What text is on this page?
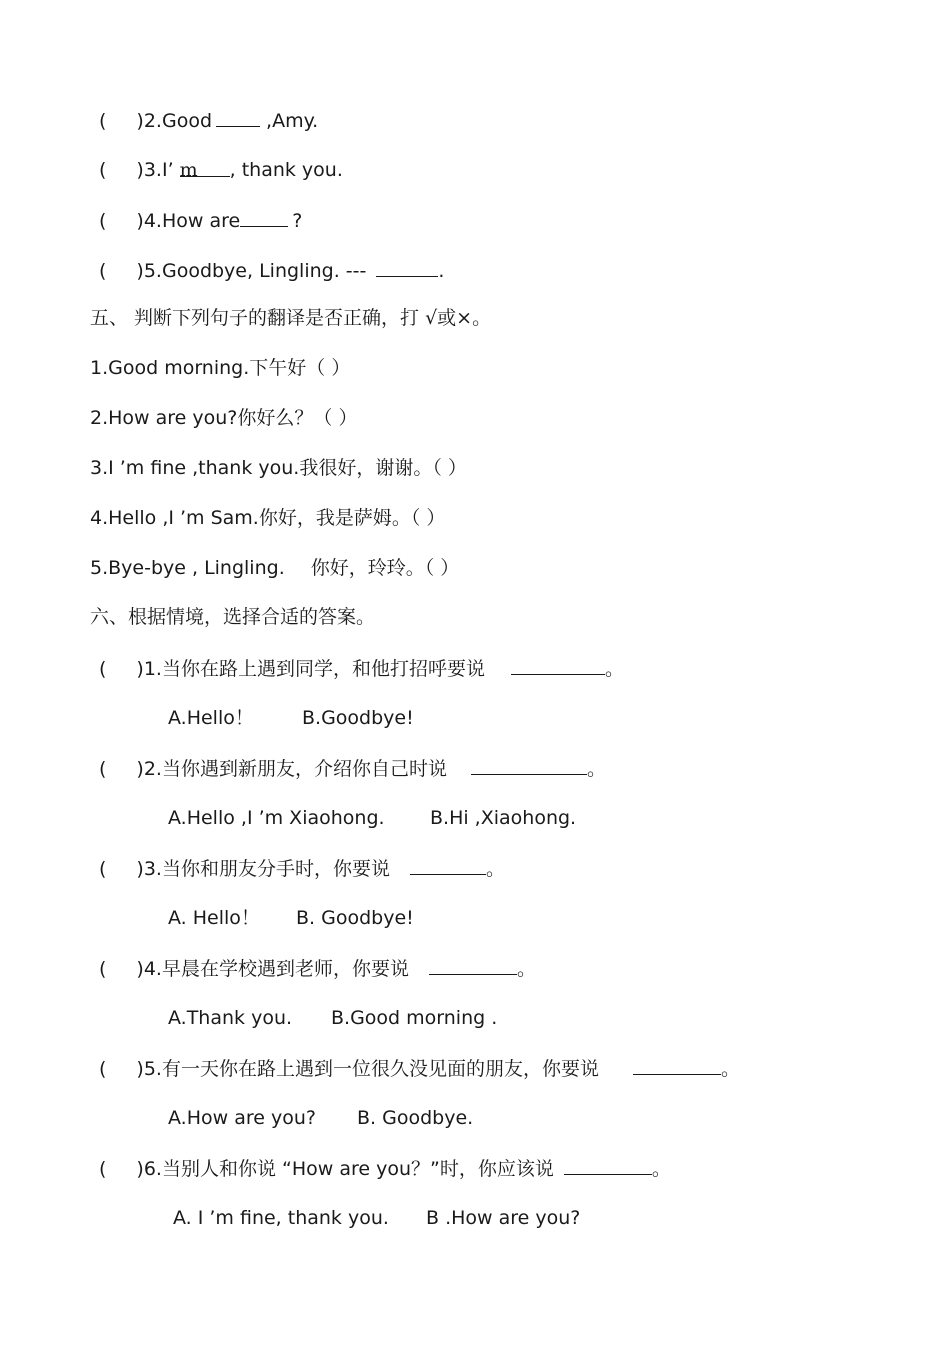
( )2.Good	,Amy.
( )3.I’ m , thank you.
( )4.How are	?
( )5.Goodbye, Lingling. ---	.
五、 判断下列句子的翻译是否正确，打 √或×。
1.Good morning.下午好（ ）
2.How are you?你好么？（ ）
3.I ’m fine ,thank you.我很好，谢谢。（ ）
4.Hello ,I ’m Sam.你好，我是萨姆。（ ）
5.Bye-bye , Lingling. 你好，玲玲。（ ）
六、根据情境，选择合适的答案。
( )1.当你在路上遇到同学，和他打招呼要说	。
A.Hello！	B.Goodbye!
( )2.当你遇到新朋友，介绍你自己时说	。
A.Hello ,I ’m Xiaohong. B.Hi ,Xiaohong.
( )3.当你和朋友分手时，你要说	。
A. Hello！ B. Goodbye!
( )4.早晨在学校遇到老师，你要说	。
A.Thank you. B.Good morning .
( )5.有一天你在路上遇到一位很久没见面的朋友，你要说	。
A.How are you? B. Goodbye.
( )6.当别人和你说 “How are you？”时，你应该说	。
A. I ’m fine, thank you. B .How are you?
